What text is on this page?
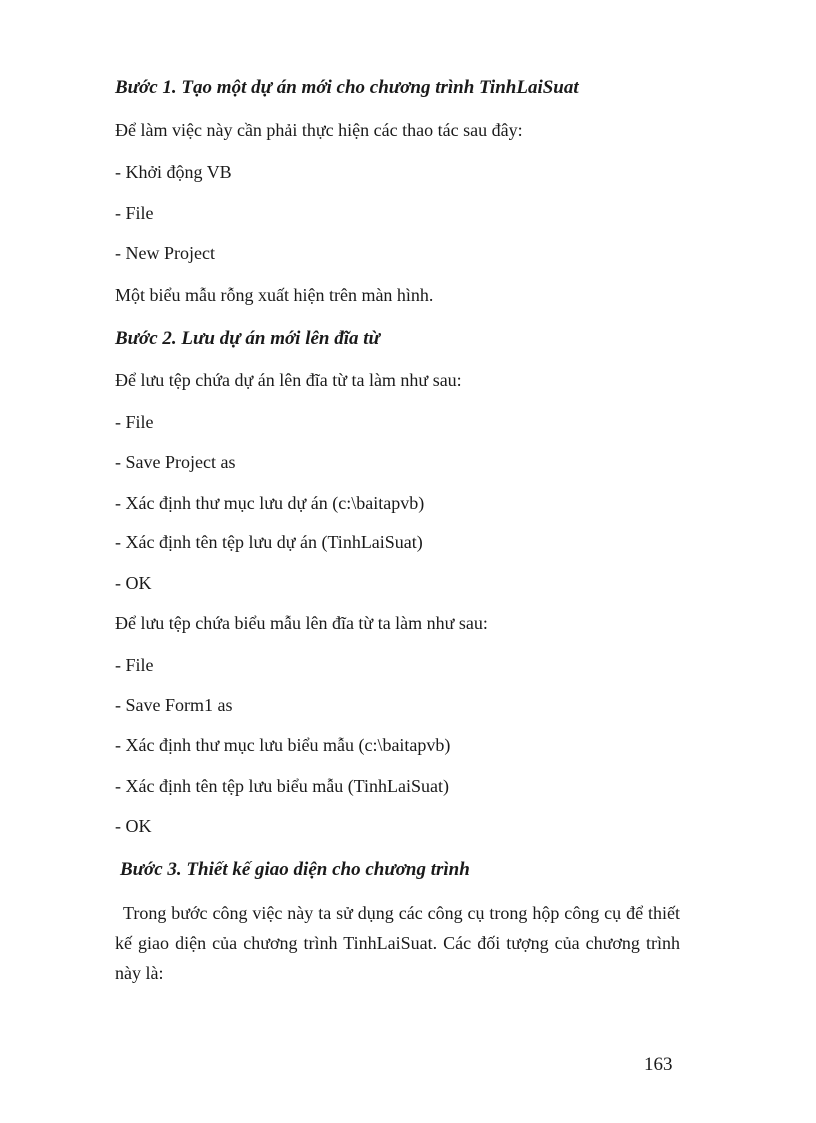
Bước 1. Tạo một dự án mới cho chương trình TinhLaiSuat
Để làm việc này cần phải thực hiện các thao tác sau đây:
- Khởi động VB
- File
- New Project
Một biểu mẫu rỗng xuất hiện trên màn hình.
Bước 2. Lưu dự án mới lên đĩa từ
Để lưu tệp chứa dự án lên đĩa từ ta làm như sau:
- File
- Save Project as
- Xác định thư mục lưu dự án (c:\baitapvb)
- Xác định tên tệp lưu dự án (TinhLaiSuat)
- OK
Để lưu tệp chứa biểu mẫu lên đĩa từ ta làm như sau:
- File
- Save Form1 as
- Xác định thư mục lưu biểu mẫu (c:\baitapvb)
- Xác định tên tệp lưu biểu mẫu (TinhLaiSuat)
- OK
Bước 3. Thiết kế giao diện cho chương trình
Trong bước công việc này ta sử dụng các công cụ trong hộp công cụ để thiết kế giao diện của chương trình TinhLaiSuat. Các đối tượng của chương trình này là:
163
